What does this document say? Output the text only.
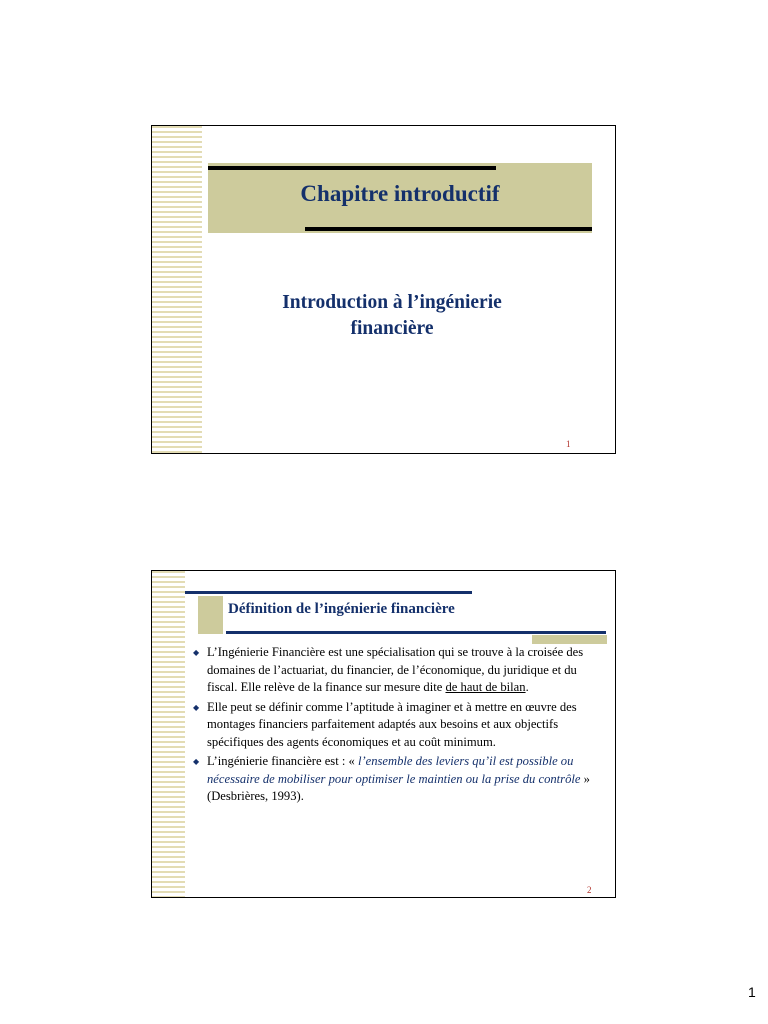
Chapitre introductif
Introduction à l’ingénierie
financière
1
Définition de l’ingénierie financière
◆ L’Ingénierie Financière est une spécialisation qui se trouve à la croisée des domaines de l’actuariat, du financier, de l’économique, du juridique et du fiscal. Elle relève de la finance sur mesure dite de haut de bilan.
◆ Elle peut se définir comme l’aptitude à imaginer et à mettre en œuvre des montages financiers parfaitement adaptés aux besoins et aux objectifs spécifiques des agents économiques et au coût minimum.
◆ L’ingénierie financière est : « l’ensemble des leviers qu’il est possible ou nécessaire de mobiliser pour optimiser le maintien ou la prise du contrôle » (Desbrières, 1993).
2
1
